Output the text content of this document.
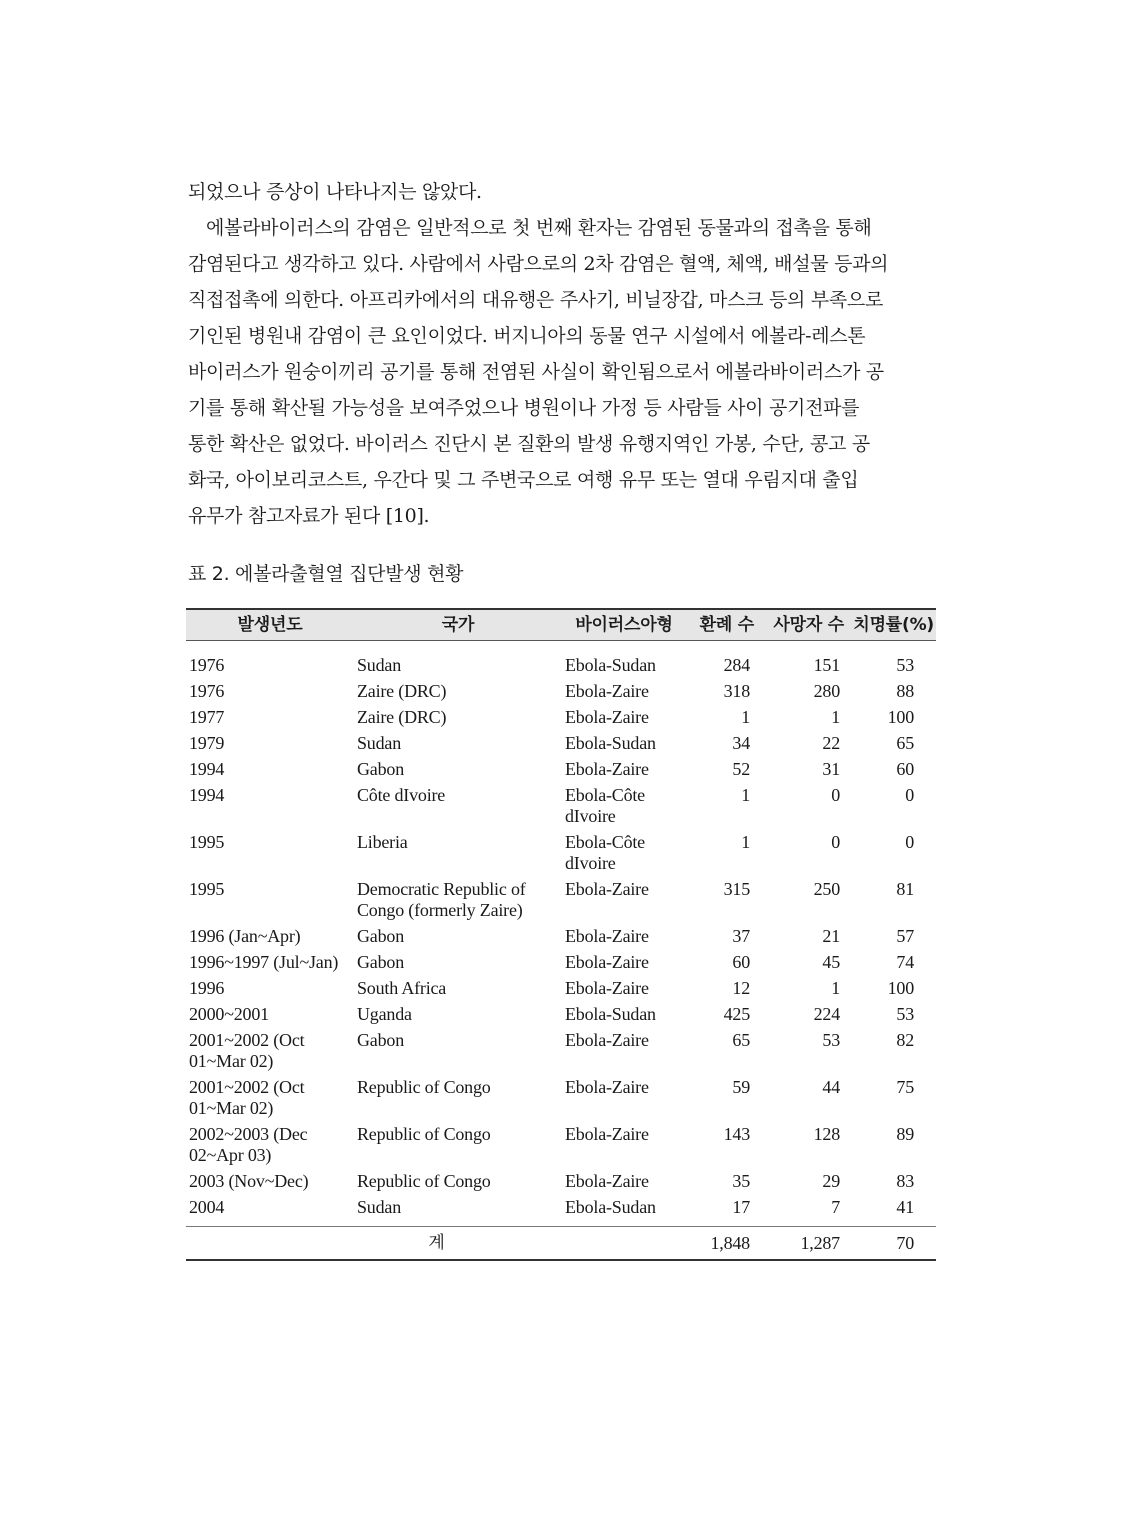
되었으나 증상이 나타나지는 않았다.
에볼라바이러스의 감염은 일반적으로 첫 번째 환자는 감염된 동물과의 접촉을 통해
감염된다고 생각하고 있다. 사람에서 사람으로의 2차 감염은 혈액, 체액, 배설물 등과의
직접접촉에 의한다. 아프리카에서의 대유행은 주사기, 비닐장갑, 마스크 등의 부족으로
기인된 병원내 감염이 큰 요인이었다. 버지니아의 동물 연구 시설에서 에볼라-레스톤
바이러스가 원숭이끼리 공기를 통해 전염된 사실이 확인됨으로서 에볼라바이러스가 공
기를 통해 확산될 가능성을 보여주었으나 병원이나 가정 등 사람들 사이 공기전파를
통한 확산은 없었다. 바이러스 진단시 본 질환의 발생 유행지역인 가봉, 수단, 콩고 공
화국, 아이보리코스트, 우간다 및 그 주변국으로 여행 유무 또는 열대 우림지대 출입
유무가 참고자료가 된다 [10].
표 2. 에볼라출혈열 집단발생 현황
발생년도	국가	바이러스아형	환례 수	사망자 수	치명률(%)
1976	Sudan	Ebola-Sudan	284	151	53
1976	Zaire (DRC)	Ebola-Zaire	318	280	88
1977	Zaire (DRC)	Ebola-Zaire	1	1	100
1979	Sudan	Ebola-Sudan	34	22	65
1994	Gabon	Ebola-Zaire	52	31	60
1994	Côte dIvoire	Ebola-Côte dIvoire	1	0	0
1995	Liberia	Ebola-Côte dIvoire	1	0	0
1995	Democratic Republic of Congo (formerly Zaire)	Ebola-Zaire	315	250	81
1996 (Jan~Apr)	Gabon	Ebola-Zaire	37	21	57
1996~1997 (Jul~Jan)	Gabon	Ebola-Zaire	60	45	74
1996	South Africa	Ebola-Zaire	12	1	100
2000~2001	Uganda	Ebola-Sudan	425	224	53
2001~2002 (Oct 01~Mar 02)	Gabon	Ebola-Zaire	65	53	82
2001~2002 (Oct 01~Mar 02)	Republic of Congo	Ebola-Zaire	59	44	75
2002~2003 (Dec 02~Apr 03)	Republic of Congo	Ebola-Zaire	143	128	89
2003 (Nov~Dec)	Republic of Congo	Ebola-Zaire	35	29	83
2004	Sudan	Ebola-Sudan	17	7	41
계			1,848	1,287	70
